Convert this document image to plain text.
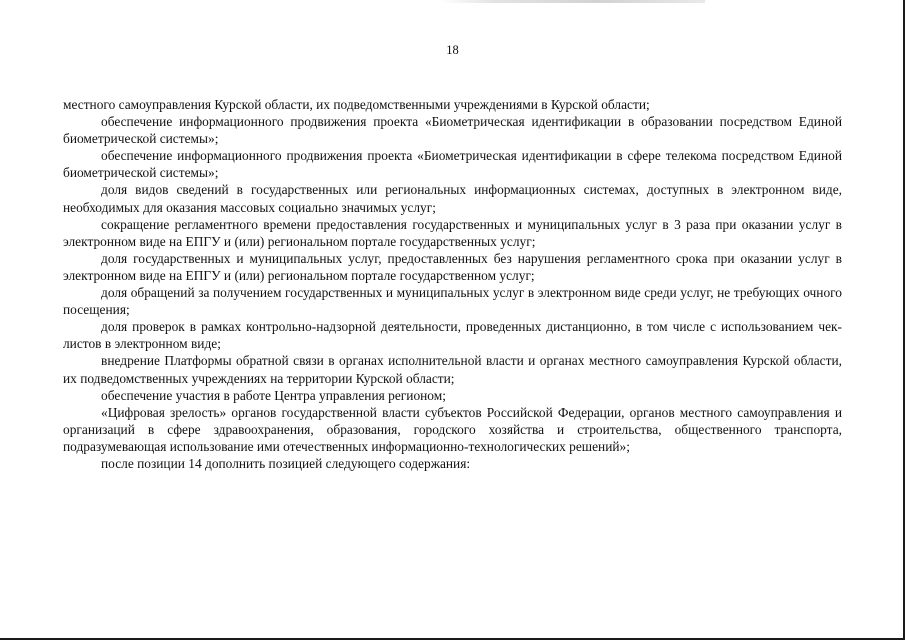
18

местного самоуправления Курской области, их подведомственными учреждениями в Курской области;

обеспечение информационного продвижения проекта «Биометрическая идентификации в образовании посредством Единой биометрической системы»;

обеспечение информационного продвижения проекта «Биометрическая идентификации в сфере телекома посредством Единой биометрической системы»;

доля видов сведений в государственных или региональных информационных системах, доступных в электронном виде, необходимых для оказания массовых социально значимых услуг;

сокращение регламентного времени предоставления государственных и муниципальных услуг в 3 раза при оказании услуг в электронном виде на ЕПГУ и (или) региональном портале государственных услуг;

доля государственных и муниципальных услуг, предоставленных без нарушения регламентного срока при оказании услуг в электронном виде на ЕПГУ и (или) региональном портале государственном услуг;

доля обращений за получением государственных и муниципальных услуг в электронном виде среди услуг, не требующих очного посещения;

доля проверок в рамках контрольно-надзорной деятельности, проведенных дистанционно, в том числе с использованием чек-листов в электронном виде;

внедрение Платформы обратной связи в органах исполнительной власти и органах местного самоуправления Курской области, их подведомственных учреждениях на территории Курской области;

обеспечение участия в работе Центра управления регионом;

«Цифровая зрелость» органов государственной власти субъектов Российской Федерации, органов местного самоуправления и организаций в сфере здравоохранения, образования, городского хозяйства и строительства, общественного транспорта, подразумевающая использование ими отечественных информационно-технологических решений»;

после позиции 14 дополнить позицией следующего содержания:
